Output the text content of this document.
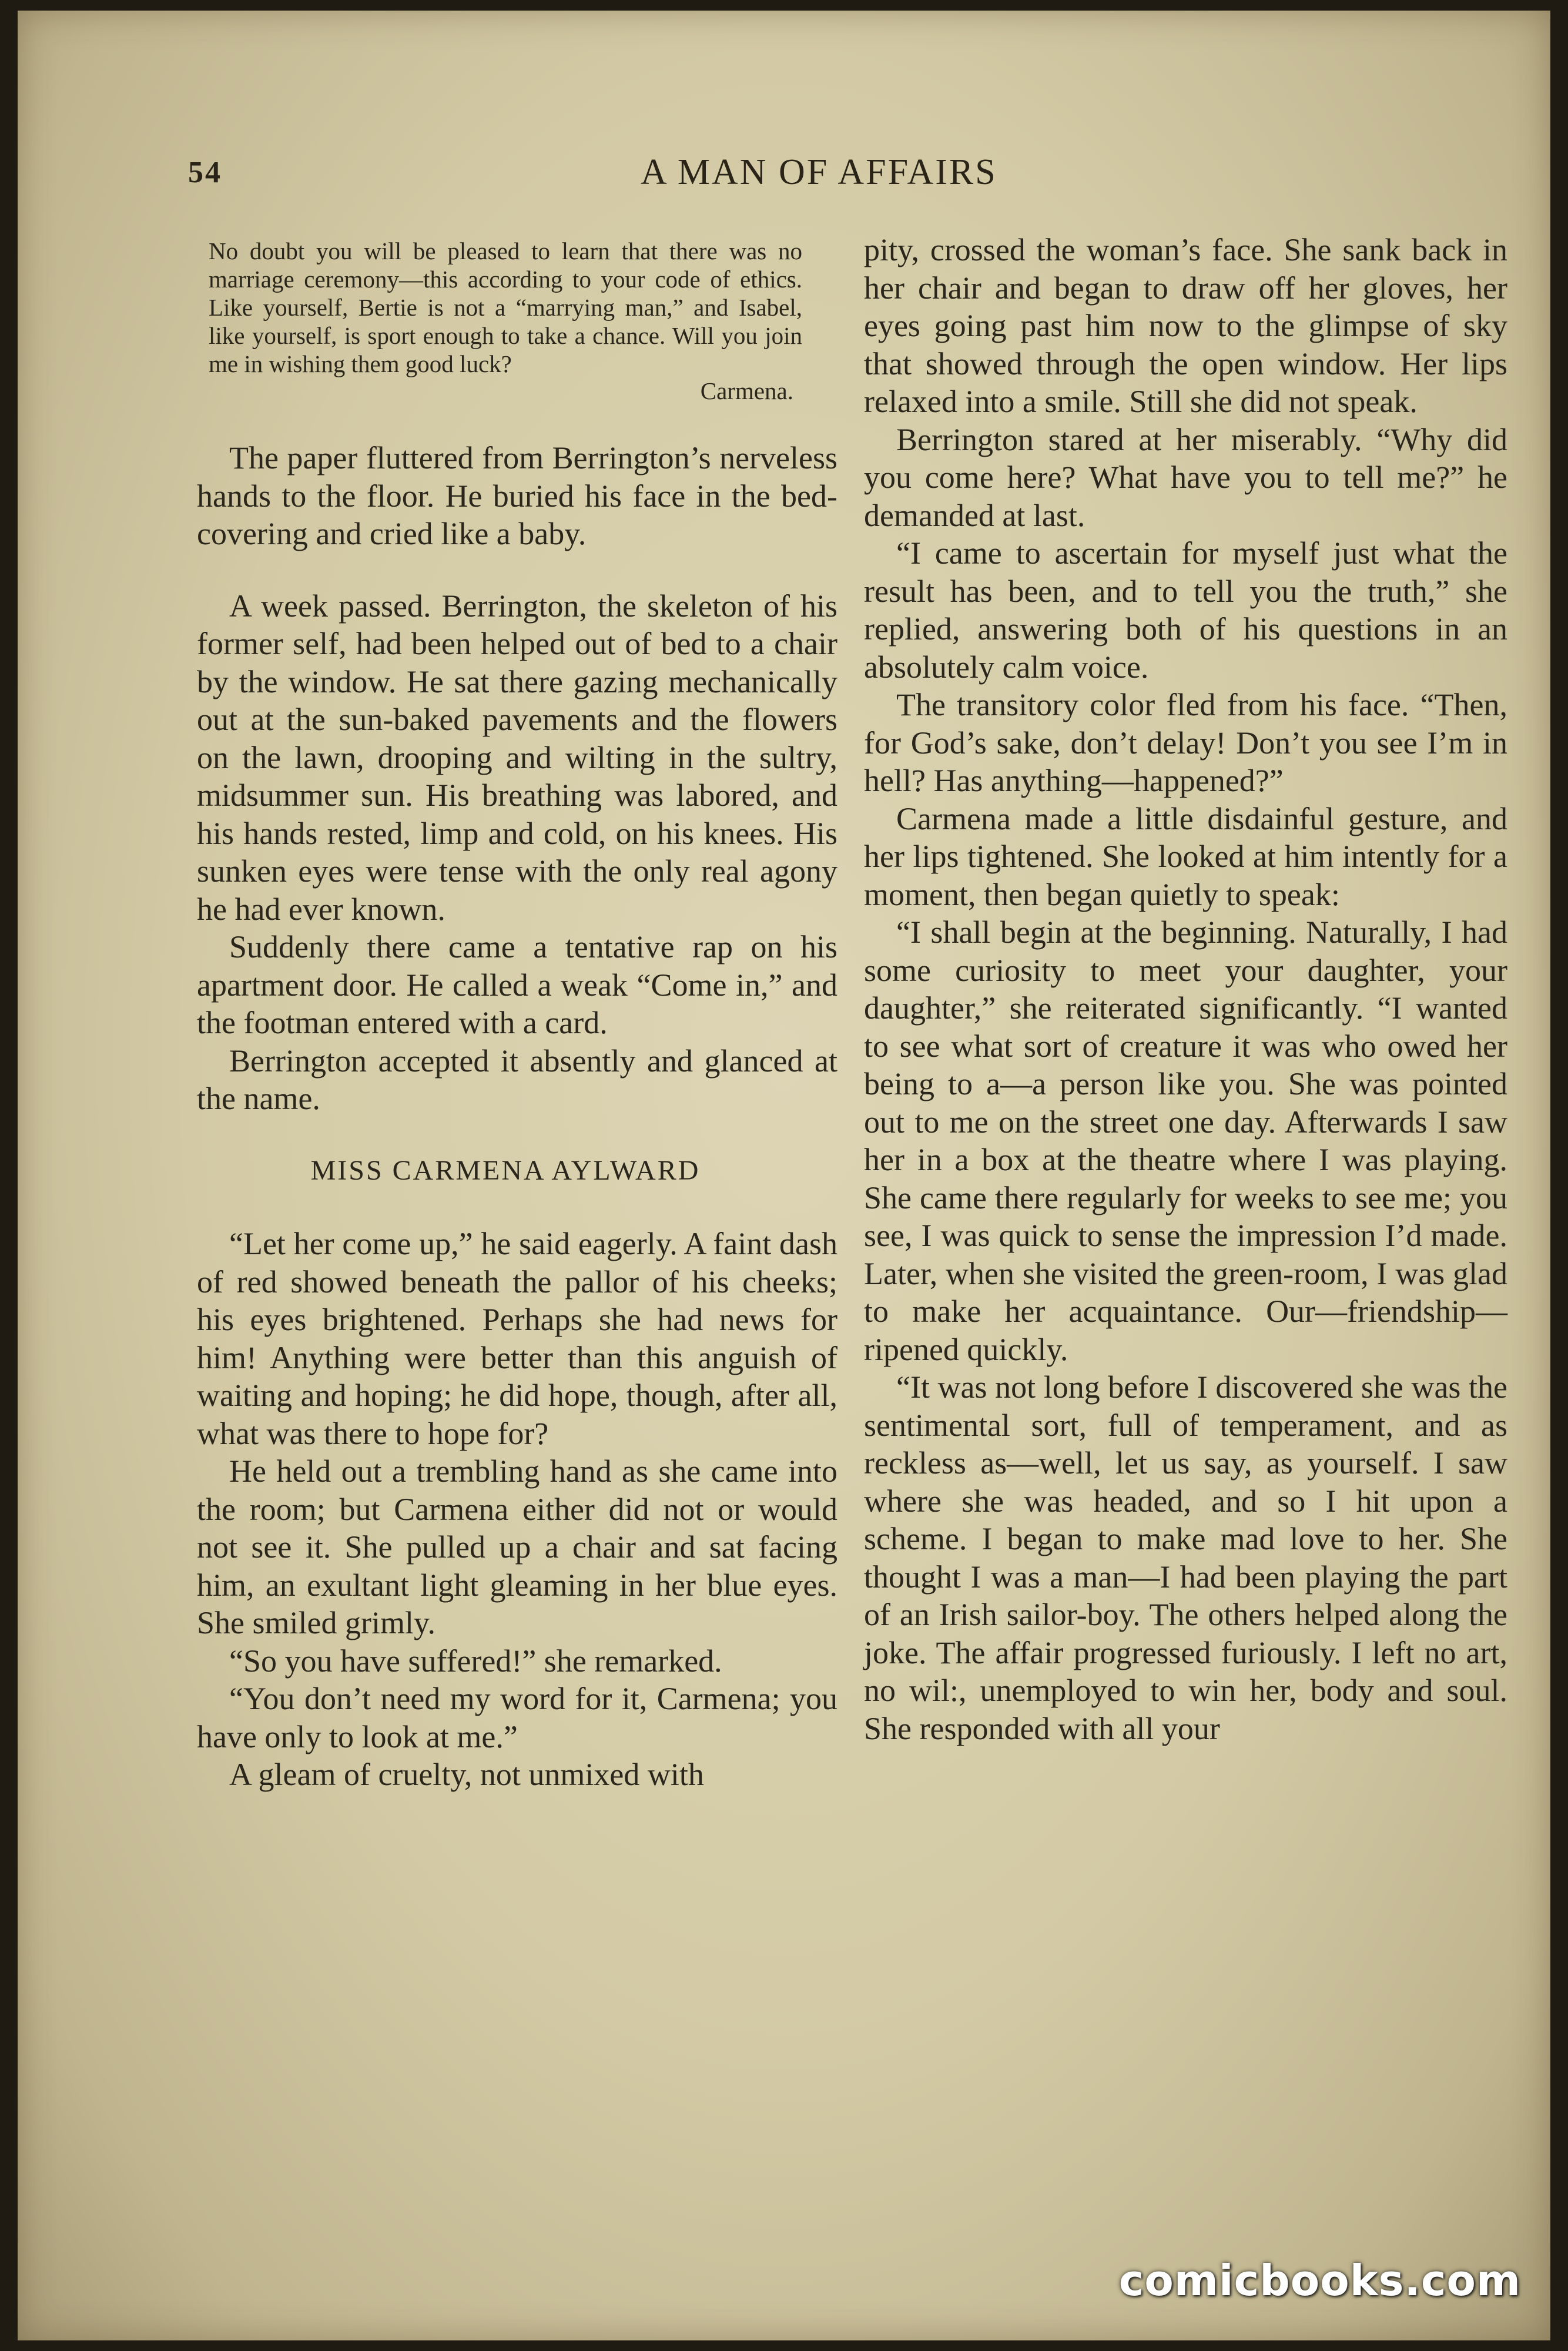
54	A MAN OF AFFAIRS
No doubt you will be pleased to learn that there was no marriage ceremony—this according to your code of ethics. Like yourself, Bertie is not a “marrying man,” and Isabel, like yourself, is sport enough to take a chance. Will you join me in wishing them good luck?
Carmena.

The paper fluttered from Berrington’s nerveless hands to the floor. He buried his face in the bed-covering and cried like a baby.

A week passed. Berrington, the skeleton of his former self, had been helped out of bed to a chair by the window. He sat there gazing mechanically out at the sun-baked pavements and the flowers on the lawn, drooping and wilting in the sultry, midsummer sun. His breathing was labored, and his hands rested, limp and cold, on his knees. His sunken eyes were tense with the only real agony he had ever known.

Suddenly there came a tentative rap on his apartment door. He called a weak “Come in,” and the footman entered with a card.

Berrington accepted it absently and glanced at the name.

MISS CARMENA AYLWARD

“Let her come up,” he said eagerly. A faint dash of red showed beneath the pallor of his cheeks; his eyes brightened. Perhaps she had news for him! Anything were better than this anguish of waiting and hoping; he did hope, though, after all, what was there to hope for?

He held out a trembling hand as she came into the room; but Carmena either did not or would not see it. She pulled up a chair and sat facing him, an exultant light gleaming in her blue eyes. She smiled grimly.

“So you have suffered!” she remarked.

“You don’t need my word for it, Carmena; you have only to look at me.”

A gleam of cruelty, not unmixed with

pity, crossed the woman’s face. She sank back in her chair and began to draw off her gloves, her eyes going past him now to the glimpse of sky that showed through the open window. Her lips relaxed into a smile. Still she did not speak.

Berrington stared at her miserably. “Why did you come here? What have you to tell me?” he demanded at last.

“I came to ascertain for myself just what the result has been, and to tell you the truth,” she replied, answering both of his questions in an absolutely calm voice.

The transitory color fled from his face. “Then, for God’s sake, don’t delay! Don’t you see I’m in hell? Has anything—happened?”

Carmena made a little disdainful gesture, and her lips tightened. She looked at him intently for a moment, then began quietly to speak:

“I shall begin at the beginning. Naturally, I had some curiosity to meet your daughter, your daughter,” she reiterated significantly. “I wanted to see what sort of creature it was who owed her being to a—a person like you. She was pointed out to me on the street one day. Afterwards I saw her in a box at the theatre where I was playing. She came there regularly for weeks to see me; you see, I was quick to sense the impression I’d made. Later, when she visited the green-room, I was glad to make her acquaintance. Our—friendship—ripened quickly.

“It was not long before I discovered she was the sentimental sort, full of temperament, and as reckless as—well, let us say, as yourself. I saw where she was headed, and so I hit upon a scheme. I began to make mad love to her. She thought I was a man—I had been playing the part of an Irish sailor-boy. The others helped along the joke. The affair progressed furiously. I left no art, no wil:, unemployed to win her, body and soul. She responded with all your

comicbooks.com
